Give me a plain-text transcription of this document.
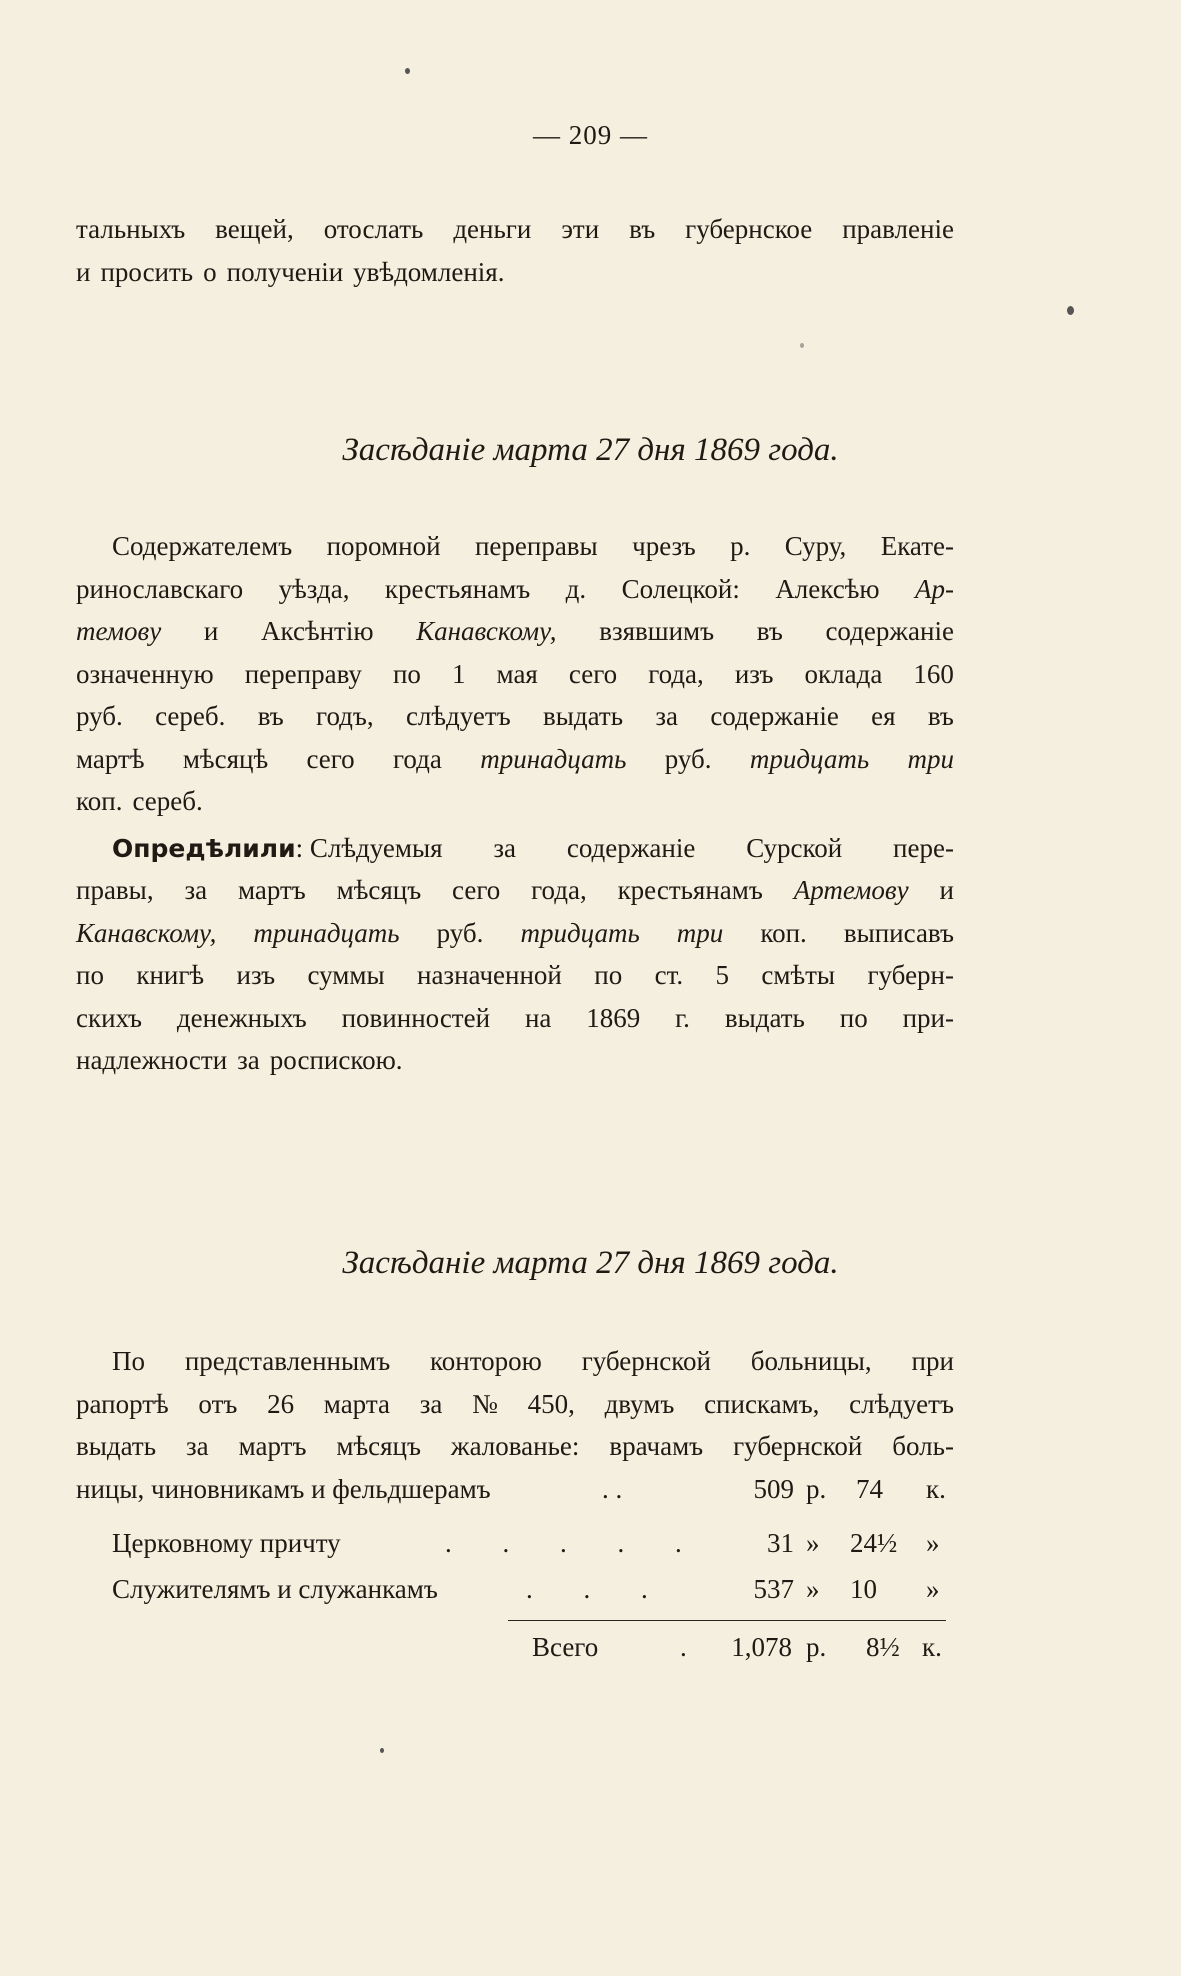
— 209 —
тальныхъ вещей, отослать деньги эти въ губернское правленіе
и просить о полученіи увѣдомленія.
Засѣданіе марта 27 дня 1869 года.
Содержателемъ поромной переправы чрезъ р. Суру, Екате-
ринославскаго уѣзда, крестьянамъ д. Солецкой: Алексѣю Ар-
темову и Аксѣнтію Канавскому, взявшимъ въ содержаніе
означенную переправу по 1 мая сего года, изъ оклада 160
руб. сереб. въ годъ, слѣдуетъ выдать за содержаніе ея въ
мартѣ мѣсяцѣ сего года тринадцать руб. тридцать три
коп. сереб.
Опредѣлили: Слѣдуемыя за содержаніе Сурской пере-
правы, за мартъ мѣсяцъ сего года, крестьянамъ Артемову и
Канавскому, тринадцать руб. тридцать три коп. выписавъ
по книгѣ изъ суммы назначенной по ст. 5 смѣты губерн-
скихъ денежныхъ повинностей на 1869 г. выдать по при-
надлежности за роспискою.
Засѣданіе марта 27 дня 1869 года.
По представленнымъ конторою губернской больницы, при
рапортѣ отъ 26 марта за № 450, двумъ спискамъ, слѣдуетъ
выдать за мартъ мѣсяцъ жалованье: врачамъ губернской боль-
ницы, чиновникамъ и фельдшерамъ	. .	509 р. 74	к.
Церковному причту	. . . . .	31 » 24½	»
Служителямъ и служанкамъ	. . .	537 » 10	»
Всего	.	1,078 р. 8½ к.
